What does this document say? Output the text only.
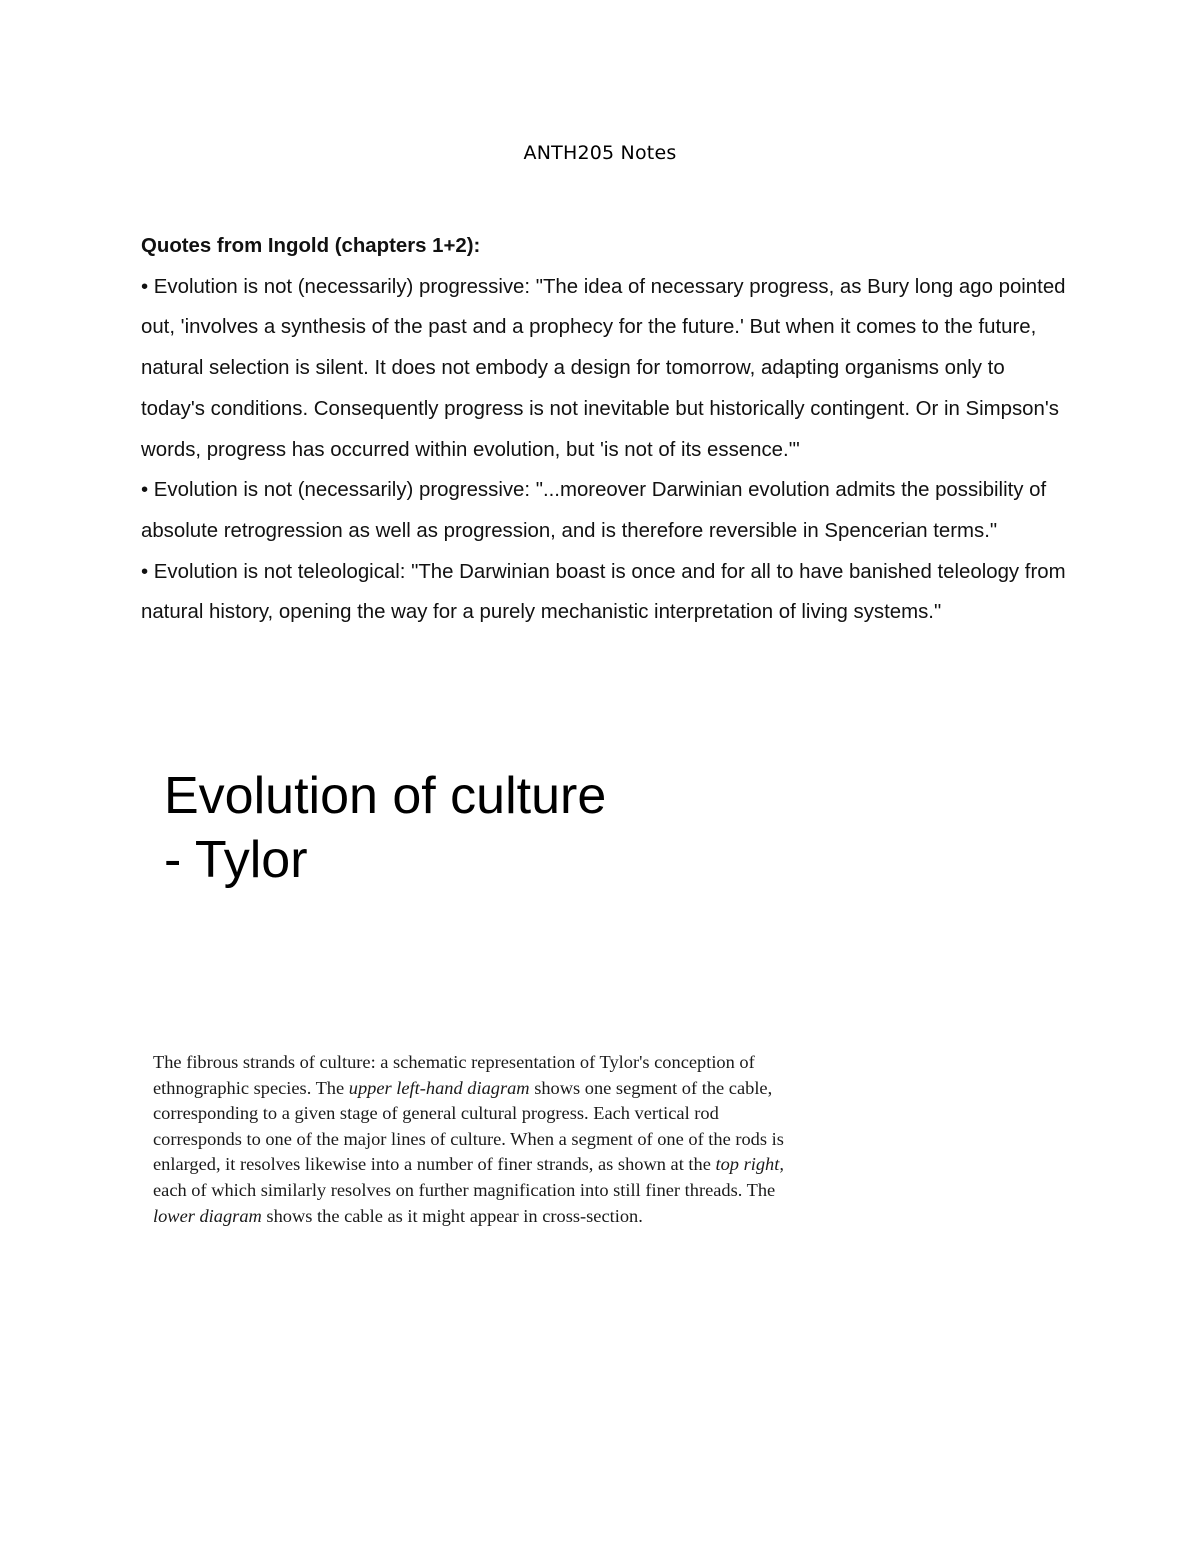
ANTH205 Notes
Quotes from Ingold (chapters 1+2):
• Evolution is not (necessarily) progressive: "The idea of necessary progress, as Bury long ago pointed out, 'involves a synthesis of the past and a prophecy for the future.' But when it comes to the future, natural selection is silent. It does not embody a design for tomorrow, adapting organisms only to today's conditions. Consequently progress is not inevitable but historically contingent. Or in Simpson's words, progress has occurred within evolution, but 'is not of its essence.'"
• Evolution is not (necessarily) progressive: "...moreover Darwinian evolution admits the possibility of absolute retrogression as well as progression, and is therefore reversible in Spencerian terms."
• Evolution is not teleological: "The Darwinian boast is once and for all to have banished teleology from natural history, opening the way for a purely mechanistic interpretation of living systems."
Evolution of culture
- Tylor
The fibrous strands of culture: a schematic representation of Tylor's conception of ethnographic species. The upper left-hand diagram shows one segment of the cable, corresponding to a given stage of general cultural progress. Each vertical rod corresponds to one of the major lines of culture. When a segment of one of the rods is enlarged, it resolves likewise into a number of finer strands, as shown at the top right, each of which similarly resolves on further magnification into still finer threads. The lower diagram shows the cable as it might appear in cross-section.
